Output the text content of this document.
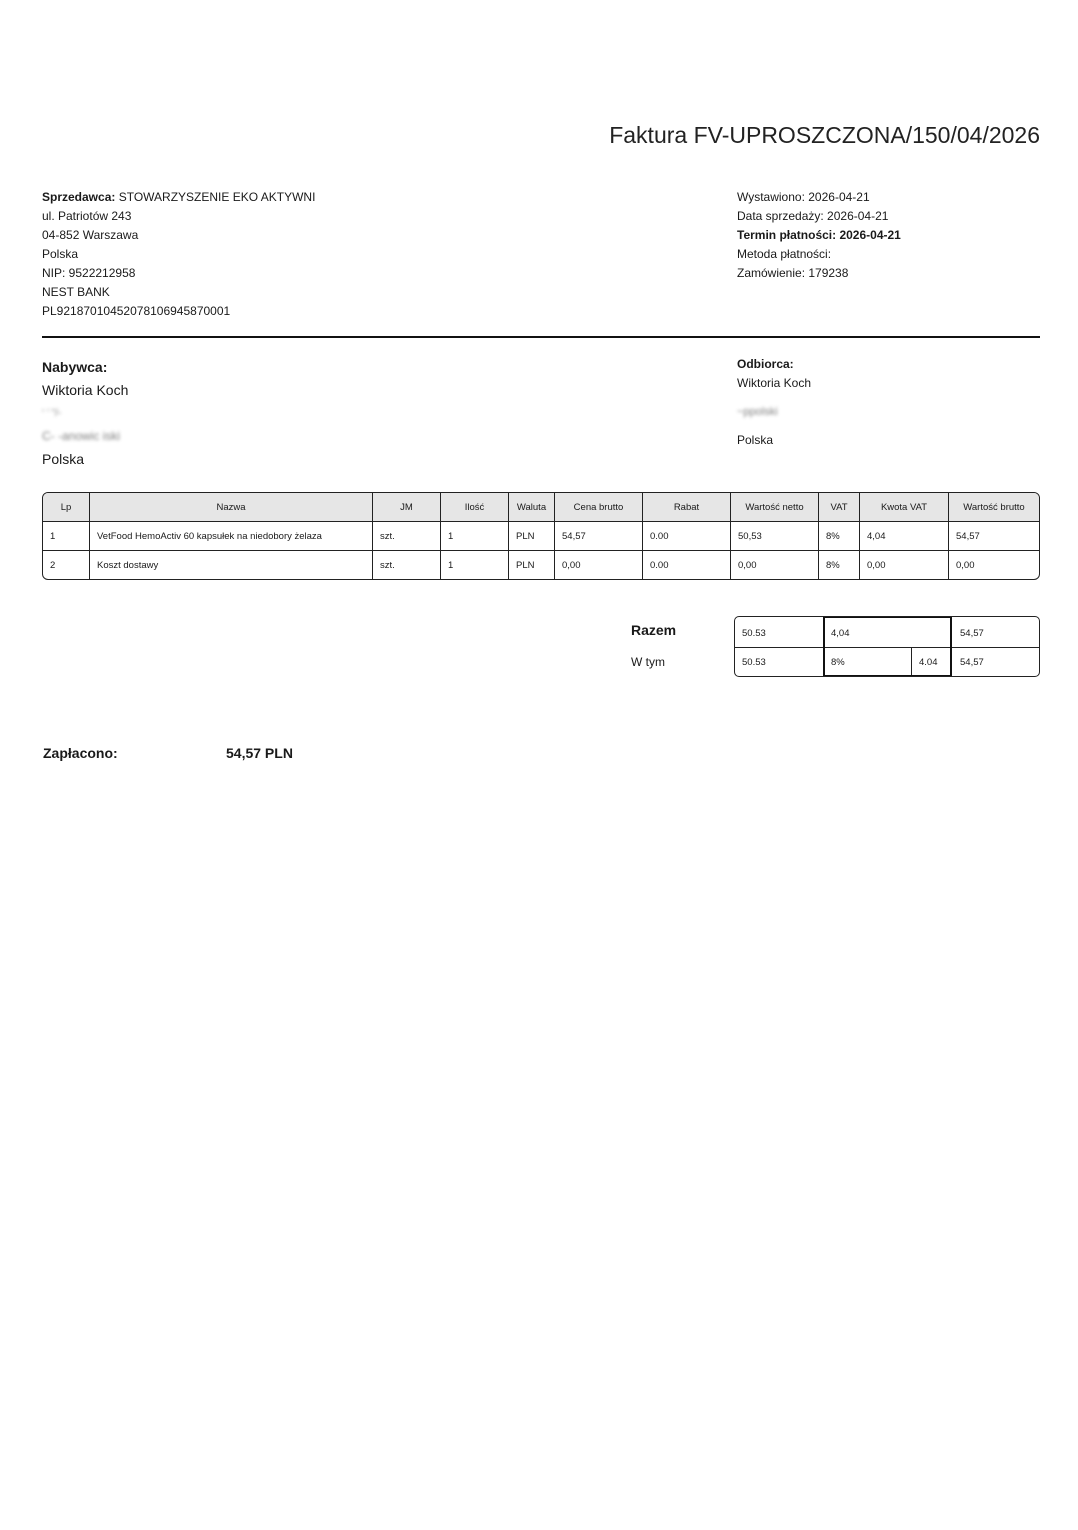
Faktura FV-UPROSZCZONA/150/04/2026
Sprzedawca: STOWARZYSZENIE EKO AKTYWNI
ul. Patriotów 243
04-852 Warszawa
Polska
NIP: 9522212958
NEST BANK
PL92187010452078106945870001
Wystawiono: 2026-04-21
Data sprzedaży: 2026-04-21
Termin płatności: 2026-04-21
Metoda płatności:
Zamówienie: 179238
Nabywca:
Wiktoria Koch
‘ ’ ”/‑
C‑ ‑anowic iski
Polska
Odbiorca:
Wiktoria Koch
~ppolski
Polska
Lp	Nazwa	JM	Ilość	Waluta	Cena brutto	Rabat	Wartość netto	VAT	Kwota VAT	Wartość brutto
1	VetFood HemoActiv 60 kapsułek na niedobory żelaza	szt.	1	PLN	54,57	0.00	50,53	8%	4,04	54,57
2	Koszt dostawy	szt.	1	PLN	0,00	0.00	0,00	8%	0,00	0,00
Razem
W tym
50.53	4,04	54,57
50.53	8%	4.04	54,57
Zapłacono:	54,57 PLN
